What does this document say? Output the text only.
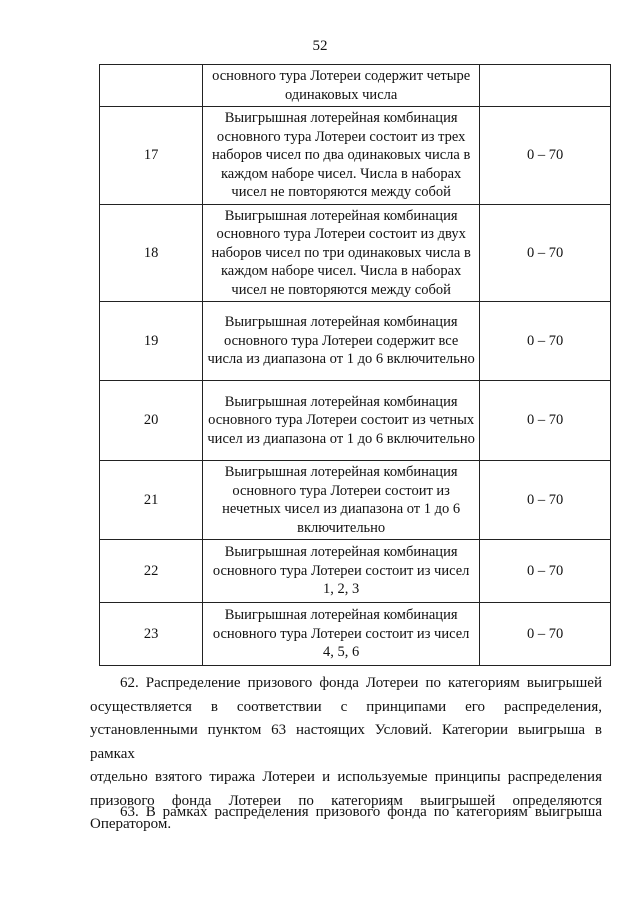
52
	основного тура Лотереи содержит четыре одинаковых числа	
17	Выигрышная лотерейная комбинация основного тура Лотереи состоит из трех наборов чисел по два одинаковых числа в каждом наборе чисел. Числа в наборах чисел не повторяются между собой	0 – 70
18	Выигрышная лотерейная комбинация основного тура Лотереи состоит из двух наборов чисел по три одинаковых числа в каждом наборе чисел. Числа в наборах чисел не повторяются между собой	0 – 70
19	Выигрышная лотерейная комбинация основного тура Лотереи содержит все числа из диапазона от 1 до 6 включительно	0 – 70
20	Выигрышная лотерейная комбинация основного тура Лотереи состоит из четных чисел из диапазона от 1 до 6 включительно	0 – 70
21	Выигрышная лотерейная комбинация основного тура Лотереи состоит из нечетных чисел из диапазона от 1 до 6 включительно	0 – 70
22	Выигрышная лотерейная комбинация основного тура Лотереи состоит из чисел 1, 2, 3	0 – 70
23	Выигрышная лотерейная комбинация основного тура Лотереи состоит из чисел 4, 5, 6	0 – 70
62. Распределение призового фонда Лотереи по категориям выигрышей
осуществляется в соответствии с принципами его распределения,
установленными пунктом 63 настоящих Условий. Категории выигрыша в рамках
отдельно взятого тиража Лотереи и используемые принципы распределения
призового фонда Лотереи по категориям выигрышей определяются Оператором.
63. В рамках распределения призового фонда по категориям выигрыша
